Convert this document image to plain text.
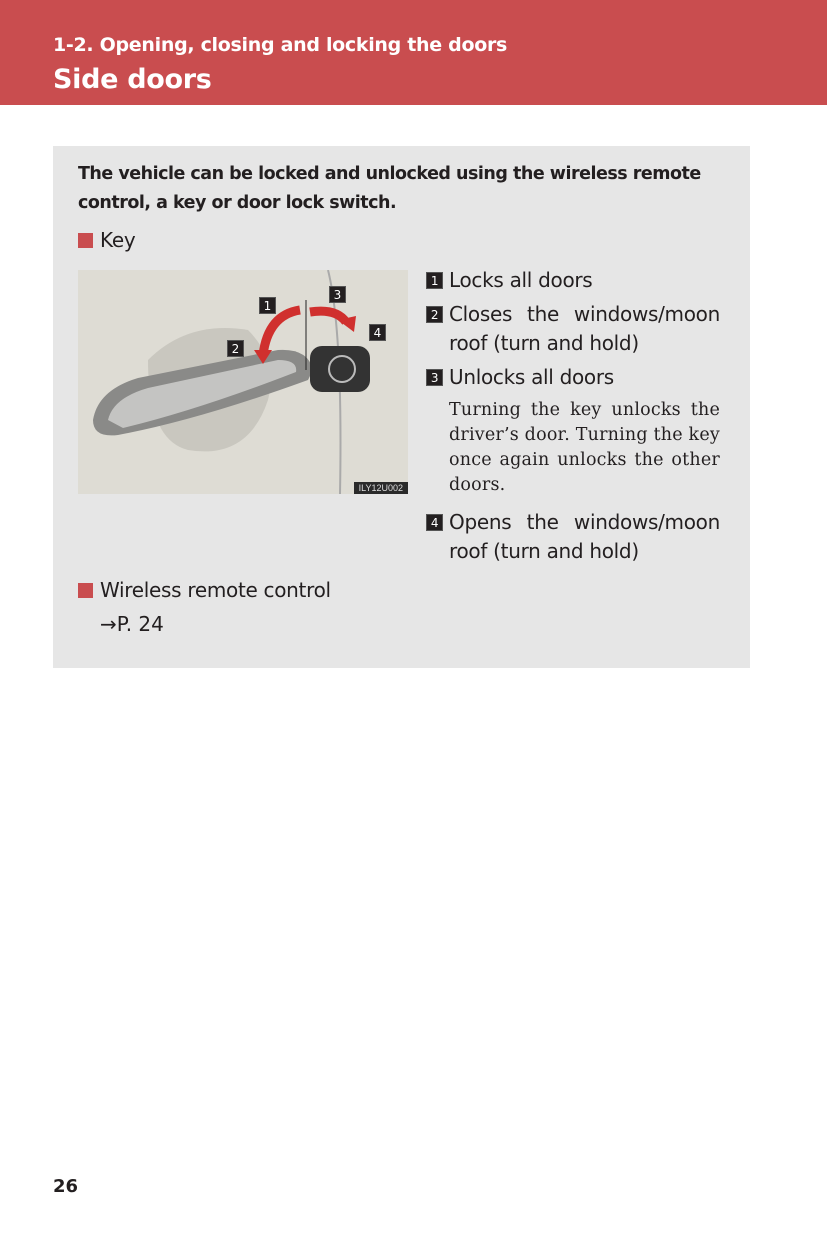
1-2. Opening, closing and locking the doors
Side doors
The vehicle can be locked and unlocked using the wireless remote control, a key or door lock switch.
Key
1
2
3
4
ILY12U002
1 Locks all doors
2 Closes the windows/moon roof (turn and hold)
3 Unlocks all doors
Turning the key unlocks the driver’s door. Turning the key once again unlocks the other doors.
4 Opens the windows/moon roof (turn and hold)
Wireless remote control
→P. 24
26
